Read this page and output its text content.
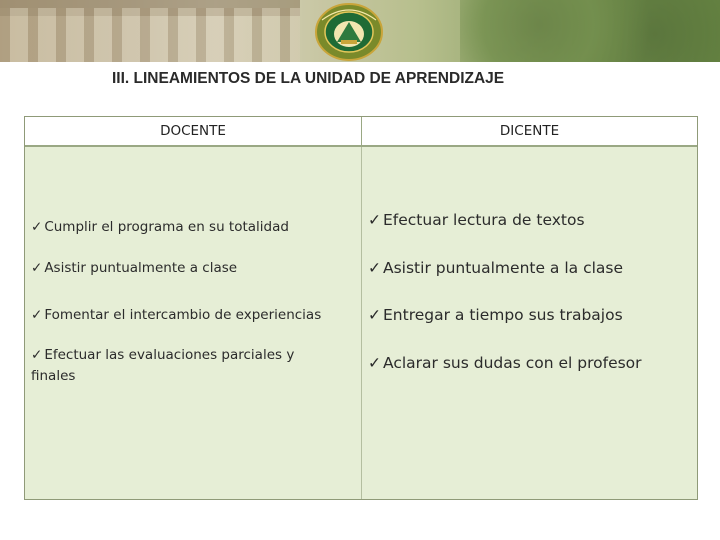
III. LINEAMIENTOS DE LA UNIDAD DE APRENDIZAJE
DOCENTE	DICENTE
✓ Cumplir el programa en su totalidad
✓ Asistir puntualmente a clase
✓ Fomentar el intercambio de experiencias
✓ Efectuar las evaluaciones parciales y finales
✓ Efectuar lectura de textos
✓ Asistir puntualmente a la clase
✓ Entregar a tiempo sus trabajos
✓ Aclarar sus dudas con el profesor
